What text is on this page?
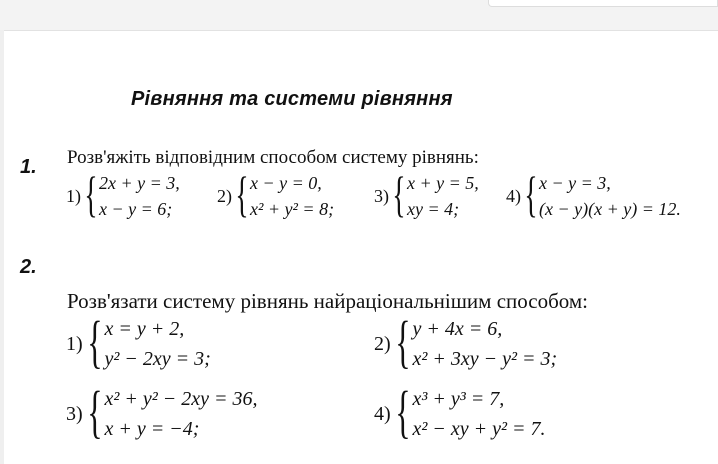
Рівняння та системи рівняння
1. Розв'яжіть відповідним способом систему рівнянь:
1) { 2x + y = 3,
x − y = 6;
2) { x − y = 0,
x² + y² = 8;
3) { x + y = 5,
xy = 4;
4) { x − y = 3,
(x − y)(x + y) = 12.
2.
Розв'язати систему рівнянь найраціональнішим способом:
1) { x = y + 2,
y² − 2xy = 3;
2) { y + 4x = 6,
x² + 3xy − y² = 3;
3) { x² + y² − 2xy = 36,
x + y = −4;
4) { x³ + y³ = 7,
x² − xy + y² = 7.
